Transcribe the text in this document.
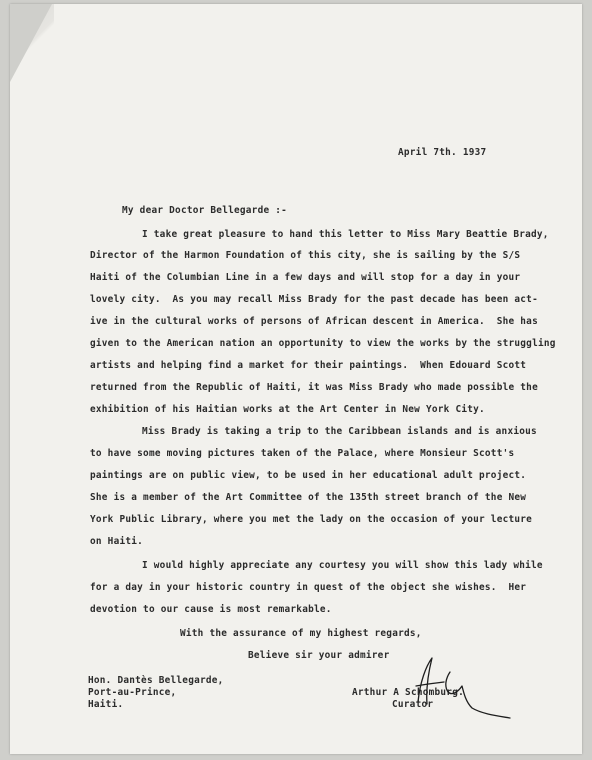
April 7th. 1937
My dear Doctor Bellegarde :-
I take great pleasure to hand this letter to Miss Mary Beattie Brady,
Director of the Harmon Foundation of this city, she is sailing by the S/S
Haiti of the Columbian Line in a few days and will stop for a day in your
lovely city.  As you may recall Miss Brady for the past decade has been act-
ive in the cultural works of persons of African descent in America.  She has
given to the American nation an opportunity to view the works by the struggling
artists and helping find a market for their paintings.  When Edouard Scott
returned from the Republic of Haiti, it was Miss Brady who made possible the
exhibition of his Haitian works at the Art Center in New York City.
Miss Brady is taking a trip to the Caribbean islands and is anxious
to have some moving pictures taken of the Palace, where Monsieur Scott's
paintings are on public view, to be used in her educational adult project.
She is a member of the Art Committee of the 135th street branch of the New
York Public Library, where you met the lady on the occasion of your lecture
on Haiti.
I would highly appreciate any courtesy you will show this lady while
for a day in your historic country in quest of the object she wishes.  Her
devotion to our cause is most remarkable.
With the assurance of my highest regards,
Believe sir your admirer
Hon. Dantès Bellegarde,
Port-au-Prince,
Haiti.
Arthur A Schomburg.
Curator
